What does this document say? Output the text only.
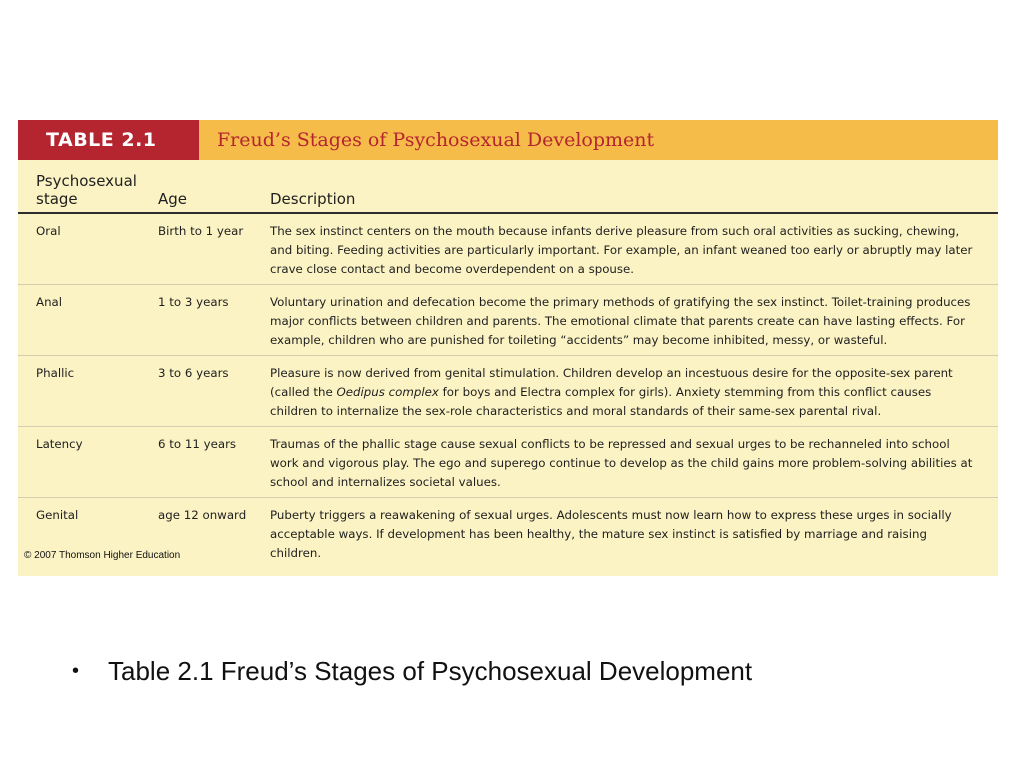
TABLE 2.1	Freud’s Stages of Psychosexual Development
Psychosexual stage	Age	Description
Oral	Birth to 1 year	The sex instinct centers on the mouth because infants derive pleasure from such oral activities as sucking, chewing, and biting. Feeding activities are particularly important. For example, an infant weaned too early or abruptly may later crave close contact and become overdependent on a spouse.
Anal	1 to 3 years	Voluntary urination and defecation become the primary methods of gratifying the sex instinct. Toilet-training produces major conflicts between children and parents. The emotional climate that parents create can have lasting effects. For example, children who are punished for toileting “accidents” may become inhibited, messy, or wasteful.
Phallic	3 to 6 years	Pleasure is now derived from genital stimulation. Children develop an incestuous desire for the opposite-sex parent (called the Oedipus complex for boys and Electra complex for girls). Anxiety stemming from this conflict causes children to internalize the sex-role characteristics and moral standards of their same-sex parental rival.
Latency	6 to 11 years	Traumas of the phallic stage cause sexual conflicts to be repressed and sexual urges to be rechanneled into school work and vigorous play. The ego and superego continue to develop as the child gains more problem-solving abilities at school and internalizes societal values.
Genital	age 12 onward	Puberty triggers a reawakening of sexual urges. Adolescents must now learn how to express these urges in socially acceptable ways. If development has been healthy, the mature sex instinct is satisfied by marriage and raising children.
© 2007 Thomson Higher Education
•	Table 2.1 Freud’s Stages of Psychosexual Development
